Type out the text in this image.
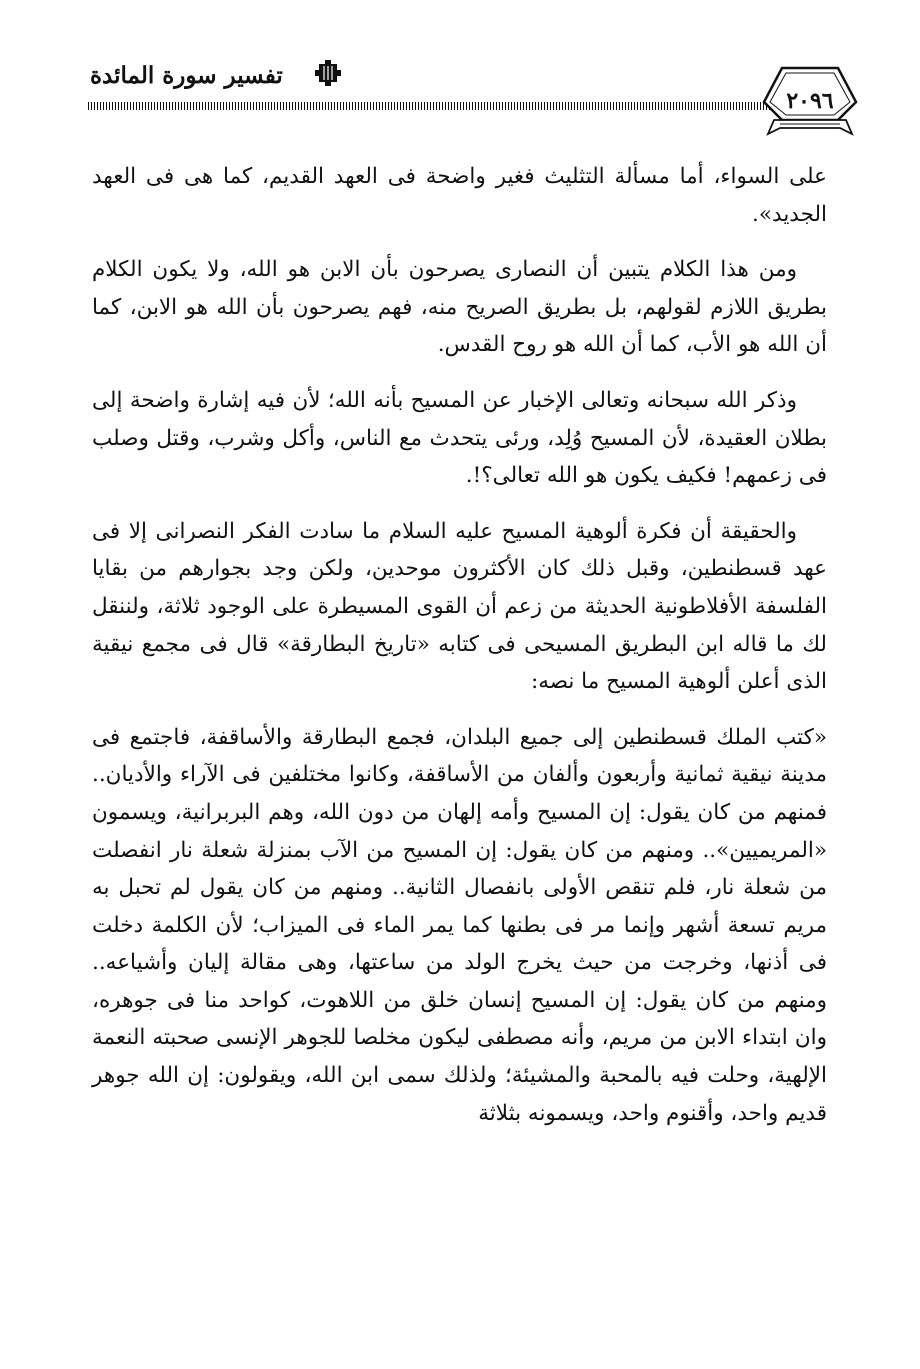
تفسير سورة المائدة
٢٠٩٦

على السواء، أما مسألة التثليث فغير واضحة فى العهد القديم، كما هى فى العهد الجديد».

ومن هذا الكلام يتبين أن النصارى يصرحون بأن الابن هو الله، ولا يكون الكلام بطريق اللازم لقولهم، بل بطريق الصريح منه، فهم يصرحون بأن الله هو الابن، كما أن الله هو الأب، كما أن الله هو روح القدس.

وذكر الله سبحانه وتعالى الإخبار عن المسيح بأنه الله؛ لأن فيه إشارة واضحة إلى بطلان العقيدة، لأن المسيح وُلِد، ورئى يتحدث مع الناس، وأكل وشرب، وقتل وصلب فى زعمهم! فكيف يكون هو الله تعالى؟!.

والحقيقة أن فكرة ألوهية المسيح عليه السلام ما سادت الفكر النصرانى إلا فى عهد قسطنطين، وقبل ذلك كان الأكثرون موحدين، ولكن وجد بجوارهم من بقايا الفلسفة الأفلاطونية الحديثة من زعم أن القوى المسيطرة على الوجود ثلاثة، ولننقل لك ما قاله ابن البطريق المسيحى فى كتابه «تاريخ البطارقة» قال فى مجمع نيقية الذى أعلن ألوهية المسيح ما نصه:

«كتب الملك قسطنطين إلى جميع البلدان، فجمع البطارقة والأساقفة، فاجتمع فى مدينة نيقية ثمانية وأربعون وألفان من الأساقفة، وكانوا مختلفين فى الآراء والأديان.. فمنهم من كان يقول: إن المسيح وأمه إلهان من دون الله، وهم البربرانية، ويسمون «المريميين».. ومنهم من كان يقول: إن المسيح من الآب بمنزلة شعلة نار انفصلت من شعلة نار، فلم تنقص الأولى بانفصال الثانية.. ومنهم من كان يقول لم تحبل به مريم تسعة أشهر وإنما مر فى بطنها كما يمر الماء فى الميزاب؛ لأن الكلمة دخلت فى أذنها، وخرجت من حيث يخرج الولد من ساعتها، وهى مقالة إليان وأشياعه.. ومنهم من كان يقول: إن المسيح إنسان خلق من اللاهوت، كواحد منا فى جوهره، وان ابتداء الابن من مريم، وأنه مصطفى ليكون مخلصا للجوهر الإنسى صحبته النعمة الإلهية، وحلت فيه بالمحبة والمشيئة؛ ولذلك سمى ابن الله، ويقولون: إن الله جوهر قديم واحد، وأقنوم واحد، ويسمونه بثلاثة
